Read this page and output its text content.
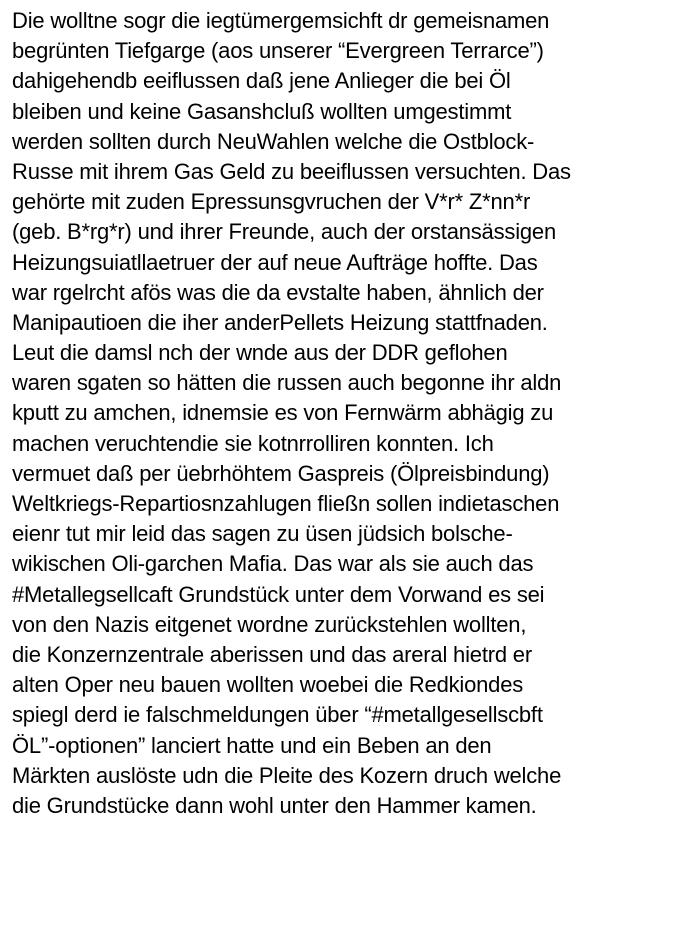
Die wolltne sogr die iegtümergemsichft dr gemeisnamen
begrünten Tiefgarge (aos unserer “Evergreen Terrarce”)
dahigehendb eeiflussen daß jene Anlieger die bei Öl
bleiben und keine Gasanshcluß wollten umgestimmt
werden sollten durch NeuWahlen welche die Ostblock-
Russe mit ihrem Gas Geld zu beeiflussen versuchten. Das
gehörte mit zuden Epressunsgvruchen der V*r* Z*nn*r
(geb. B*rg*r) und ihrer Freunde, auch der orstansässigen
Heizungsuiatllaetruer der auf neue Aufträge hoffte. Das
war rgelrcht afös was die da evstalte haben, ähnlich der
Manipautioen die iher anderPellets Heizung stattfnaden.
Leut die damsl nch der wnde aus der DDR geflohen
waren sgaten so hätten die russen auch begonne ihr aldn
kputt zu amchen, idnemsie es von Fernwärm abhägig zu
machen veruchtendie sie kotnrrolliren konnten. Ich
vermuet daß per üebrhöhtem Gaspreis (Ölpreisbindung)
Weltkriegs-Repartiosnzahlugen fließn sollen indietaschen
eienr tut mir leid das sagen zu üsen jüdsich bolsche-
wikischen Oli-garchen Mafia. Das war als sie auch das
#Metallegsellcaft Grundstück unter dem Vorwand es sei
von den Nazis eitgenet wordne zurückstehlen wollten,
die Konzernzentrale aberissen und das areral hietrd er
alten Oper neu bauen wollten woebei die Redkiondes
spiegl derd ie falschmeldungen über “#metallgesellscbft
ÖL”-optionen” lanciert hatte und ein Beben an den
Märkten auslöste udn die Pleite des Kozern druch welche
die Grundstücke dann wohl unter den Hammer kamen.
